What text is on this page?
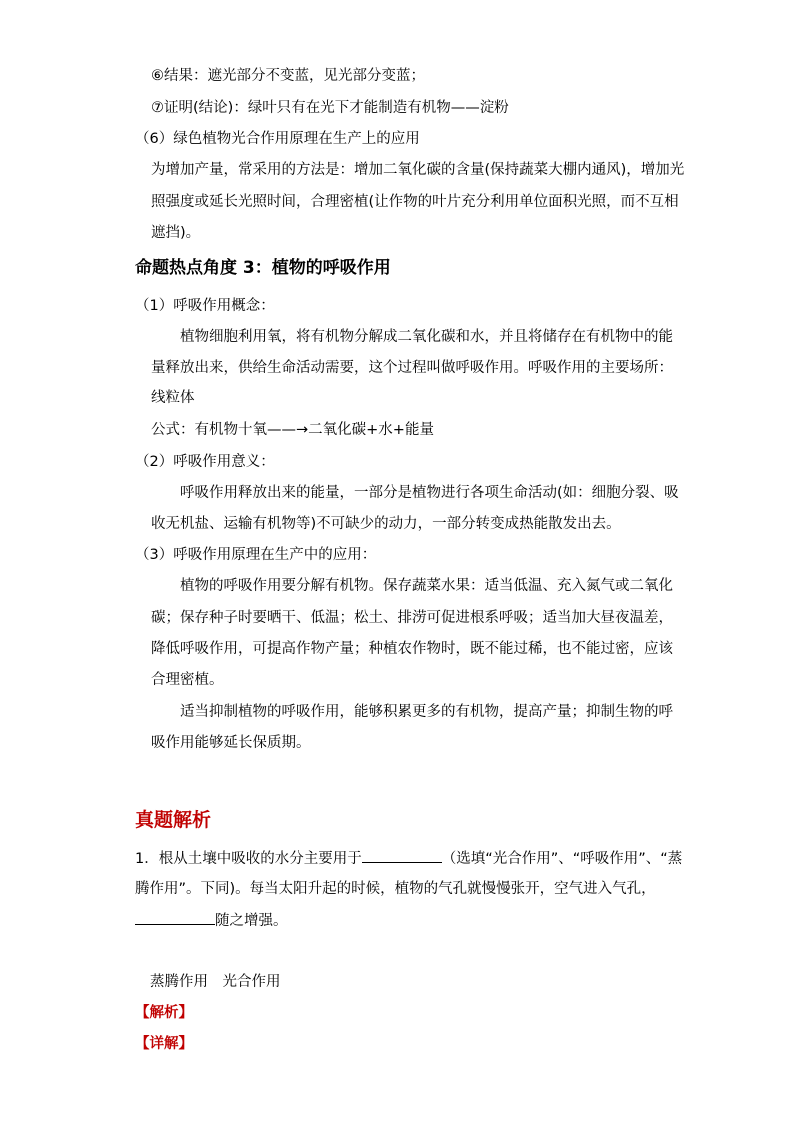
⑥结果：遮光部分不变蓝，见光部分变蓝；
⑦证明(结论)：绿叶只有在光下才能制造有机物——淀粉
（6）绿色植物光合作用原理在生产上的应用
为增加产量，常采用的方法是：增加二氧化碳的含量(保持蔬菜大棚内通风)，增加光
照强度或延长光照时间，合理密植(让作物的叶片充分利用单位面积光照，而不互相
遮挡)。
命题热点角度 3：植物的呼吸作用
（1）呼吸作用概念：
植物细胞利用氧，将有机物分解成二氧化碳和水，并且将储存在有机物中的能
量释放出来，供给生命活动需要，这个过程叫做呼吸作用。呼吸作用的主要场所：
线粒体
公式：有机物十氧——→二氧化碳+水+能量
（2）呼吸作用意义：
呼吸作用释放出来的能量，一部分是植物进行各项生命活动(如：细胞分裂、吸
收无机盐、运输有机物等)不可缺少的动力，一部分转变成热能散发出去。
（3）呼吸作用原理在生产中的应用：
植物的呼吸作用要分解有机物。保存蔬菜水果：适当低温、充入氮气或二氧化
碳；保存种子时要晒干、低温；松土、排涝可促进根系呼吸；适当加大昼夜温差，
降低呼吸作用，可提高作物产量；种植农作物时，既不能过稀，也不能过密，应该
合理密植。
适当抑制植物的呼吸作用，能够积累更多的有机物，提高产量；抑制生物的呼
吸作用能够延长保质期。
真题解析
1．根从土壤中吸收的水分主要用于	（选填“光合作用”、“呼吸作用”、“蒸
腾作用”。下同)。每当太阳升起的时候，植物的气孔就慢慢张开，空气进入气孔，
随之增强。
蒸腾作用　光合作用
【解析】
【详解】
